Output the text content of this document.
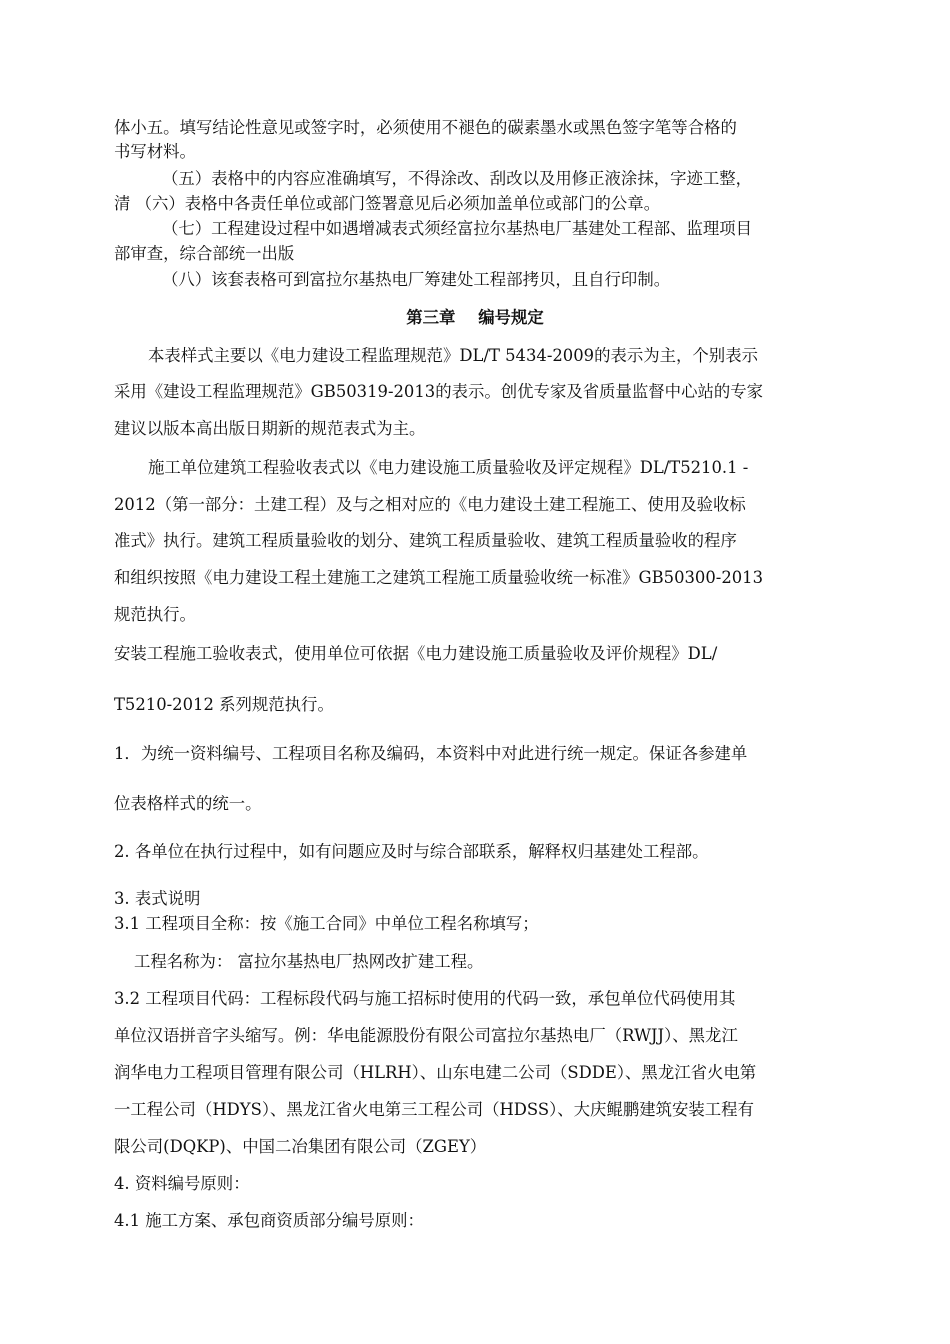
体小五。填写结论性意见或签字时，必须使用不褪色的碳素墨水或黑色签字笔等合格的
书写材料。
（五）表格中的内容应准确填写，不得涂改、刮改以及用修正液涂抹，字迹工整，
清 （六）表格中各责任单位或部门签署意见后必须加盖单位或部门的公章。
（七）工程建设过程中如遇增减表式须经富拉尔基热电厂基建处工程部、监理项目
部审查，综合部统一出版
（八）该套表格可到富拉尔基热电厂筹建处工程部拷贝，且自行印制。
第三章    编号规定
本表样式主要以《电力建设工程监理规范》DL/T 5434-2009的表示为主，个别表示
采用《建设工程监理规范》GB50319-2013的表示。创优专家及省质量监督中心站的专家
建议以版本高出版日期新的规范表式为主。
施工单位建筑工程验收表式以《电力建设施工质量验收及评定规程》DL/T5210.1 -
2012（第一部分：土建工程）及与之相对应的《电力建设土建工程施工、使用及验收标
准式》执行。建筑工程质量验收的划分、建筑工程质量验收、建筑工程质量验收的程序
和组织按照《电力建设工程土建施工之建筑工程施工质量验收统一标准》GB50300-2013
规范执行。
安装工程施工验收表式，使用单位可依据《电力建设施工质量验收及评价规程》DL/
T5210-2012 系列规范执行。
1．为统一资料编号、工程项目名称及编码，本资料中对此进行统一规定。保证各参建单
位表格样式的统一。
2. 各单位在执行过程中，如有问题应及时与综合部联系，解释权归基建处工程部。
3. 表式说明
3.1 工程项目全称：按《施工合同》中单位工程名称填写；
工程名称为： 富拉尔基热电厂热网改扩建工程。
3.2 工程项目代码：工程标段代码与施工招标时使用的代码一致，承包单位代码使用其
单位汉语拼音字头缩写。例：华电能源股份有限公司富拉尔基热电厂（RWJJ）、黑龙江
润华电力工程项目管理有限公司（HLRH）、山东电建二公司（SDDE）、黑龙江省火电第
一工程公司（HDYS）、黑龙江省火电第三工程公司（HDSS）、大庆鲲鹏建筑安装工程有
限公司(DQKP)、中国二冶集团有限公司（ZGEY）
4. 资料编号原则：
4.1 施工方案、承包商资质部分编号原则：
